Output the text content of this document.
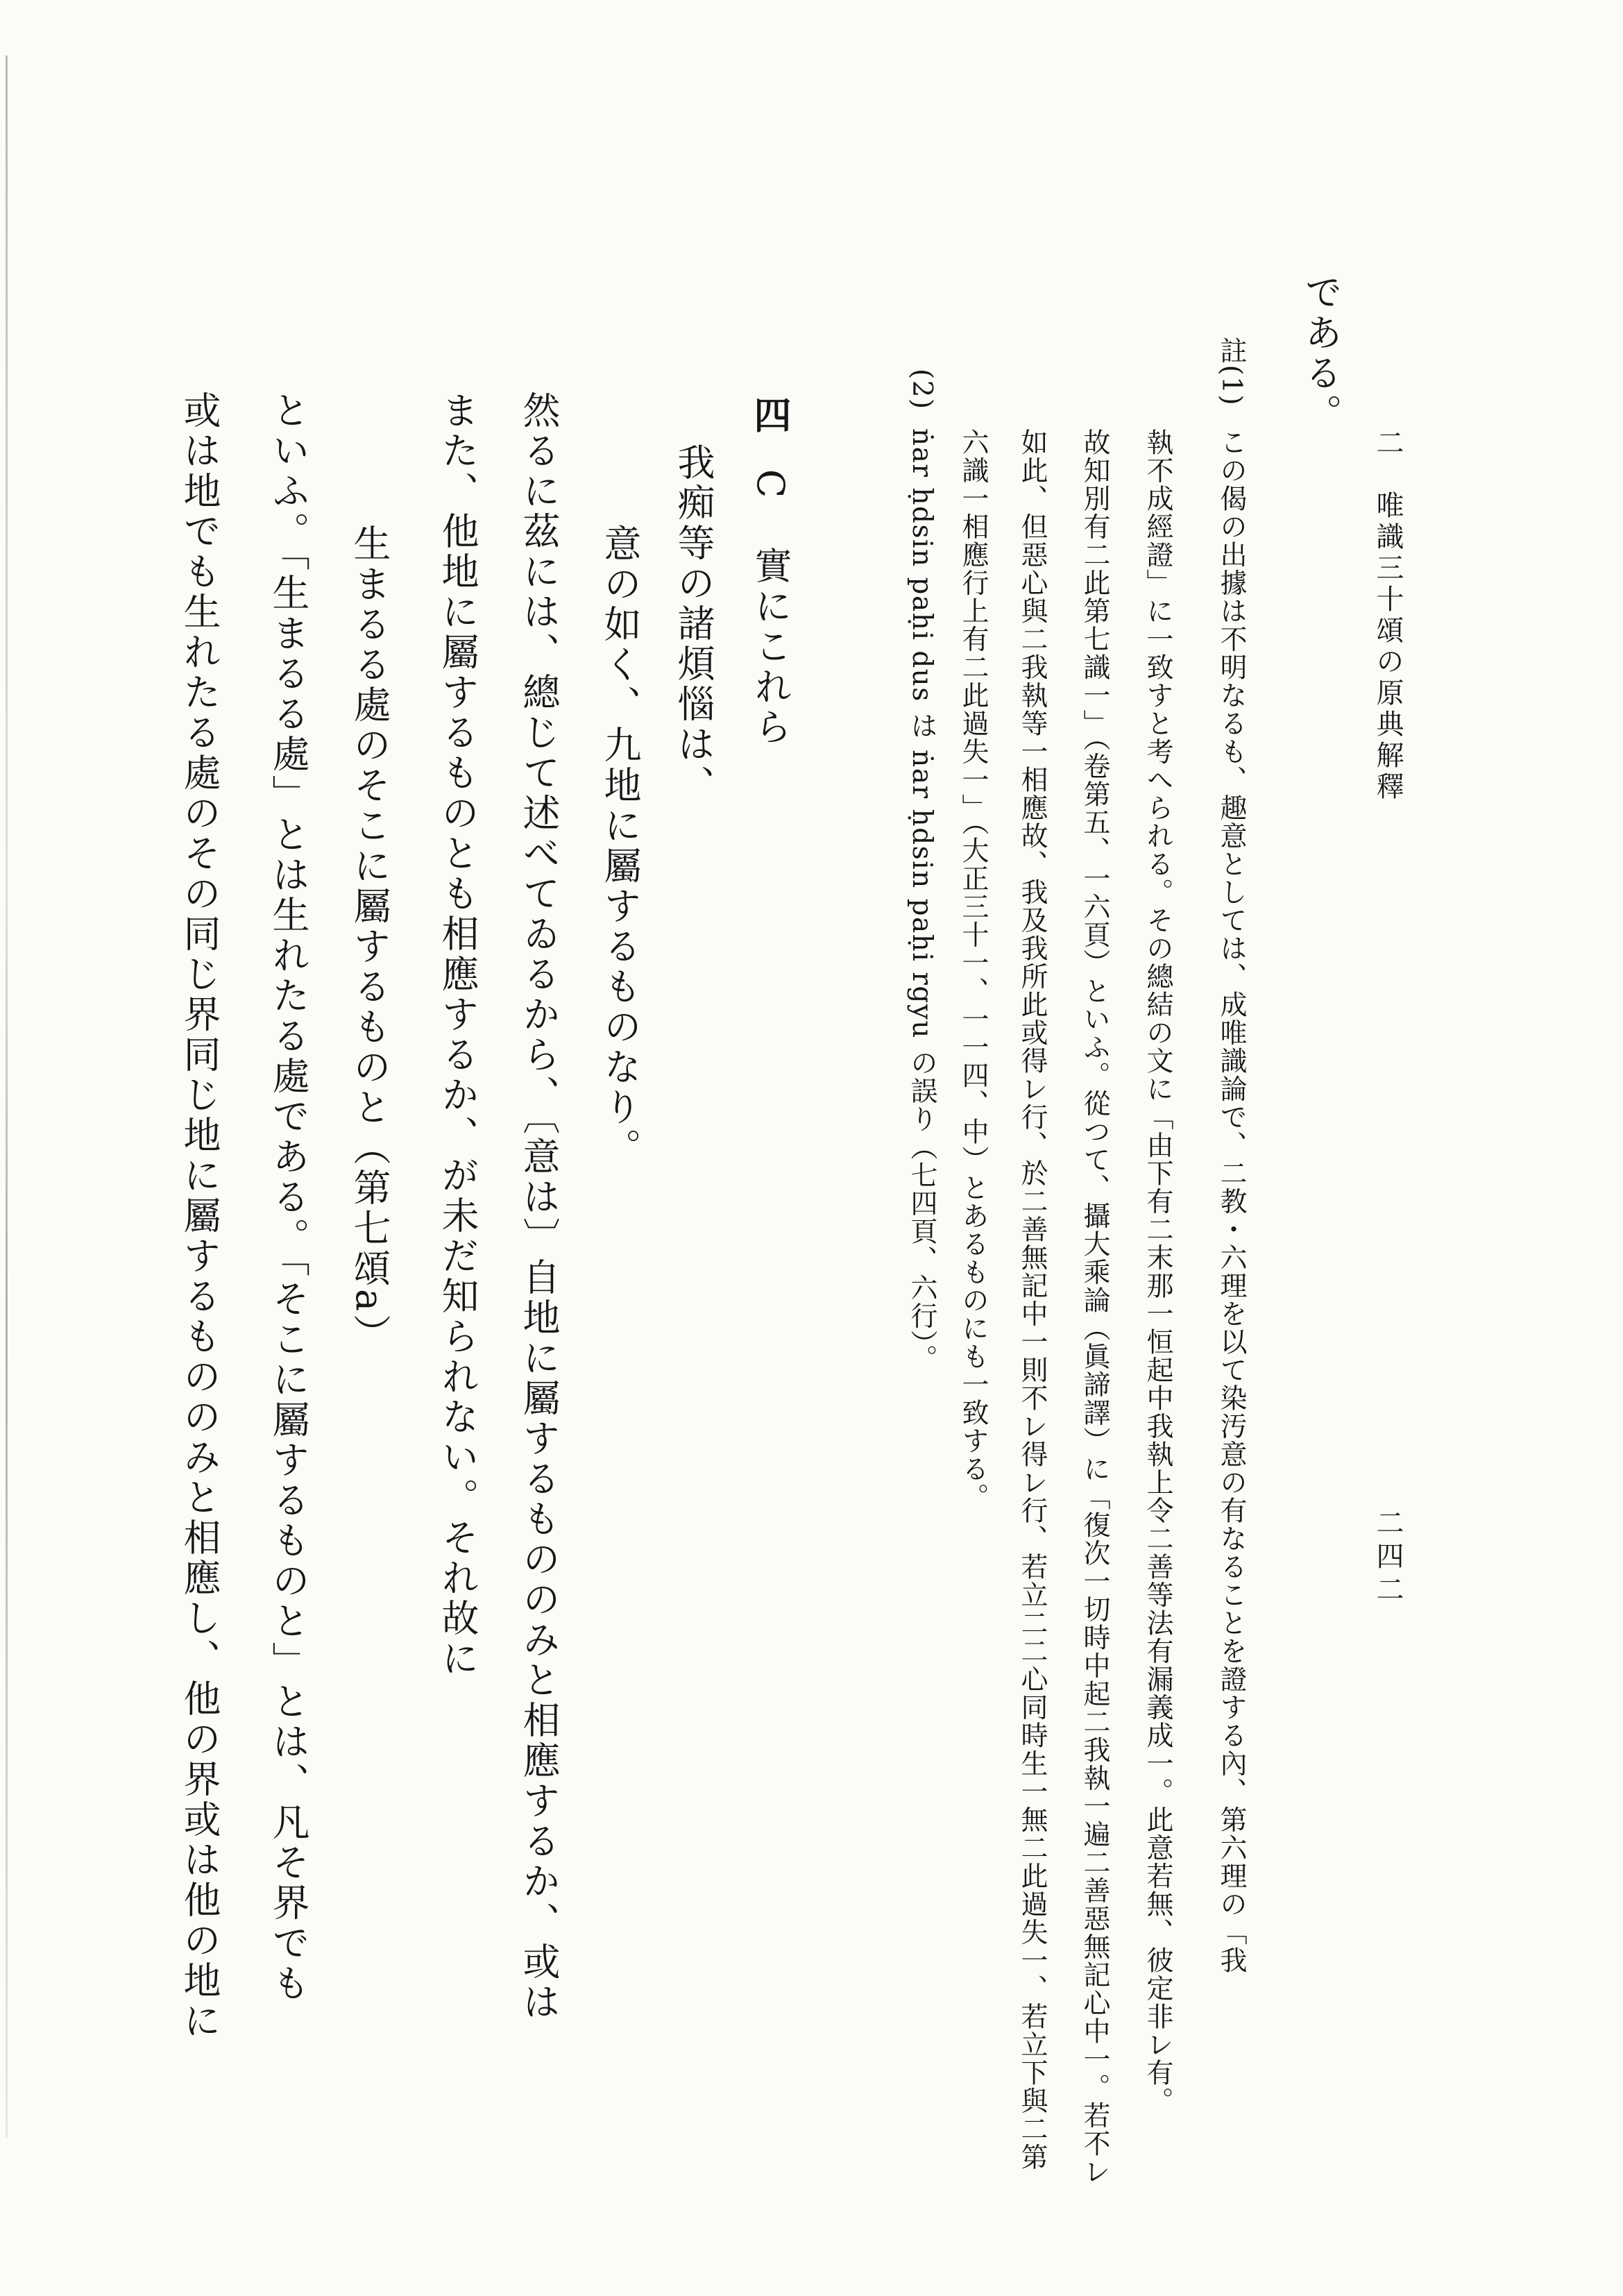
二　唯識三十頌の原典解釋
二四二
である。
註(1)
この偈の出據は不明なるも、趣意としては、成唯識論で、二教・六理を以て染汚意の有なることを證する內、第六理の「我
執不成經證」に一致すと考へられる。その總結の文に「由下有二末那一恒起中我執上令二善等法有漏義成一。此意若無、彼定非レ有。
故知別有二此第七識一」（卷第五、一六頁）といふ。從つて、攝大乘論（眞諦譯）に「復次一切時中起二我執一遍二善惡無記心中一。若不レ
如此、但惡心與二我執等一相應故、我及我所此或得レ行、於二善無記中一則不レ得レ行、若立二二心同時生一無二此過失一、若立下與二第
六識一相應行上有二此過失一」（大正三十一、一一四、中）とあるものにも一致する。
(2)
ṅar ḥdsin paḥi dus は ṅar ḥdsin paḥi rgyu の誤り（七四頁、六行）。
四
C
實にこれら
我痴等の諸煩惱は、
意の如く、九地に屬するものなり。
然るに茲には、總じて述べてゐるから、〔意は〕自地に屬するもののみと相應するか、或は
また、他地に屬するものとも相應するか、が未だ知られない。それ故に
生まるる處のそこに屬するものと（第七頌a）
といふ。「生まるる處」とは生れたる處である。「そこに屬するものと」とは、凡そ界でも
或は地でも生れたる處のその同じ界同じ地に屬するもののみと相應し、他の界或は他の地に
